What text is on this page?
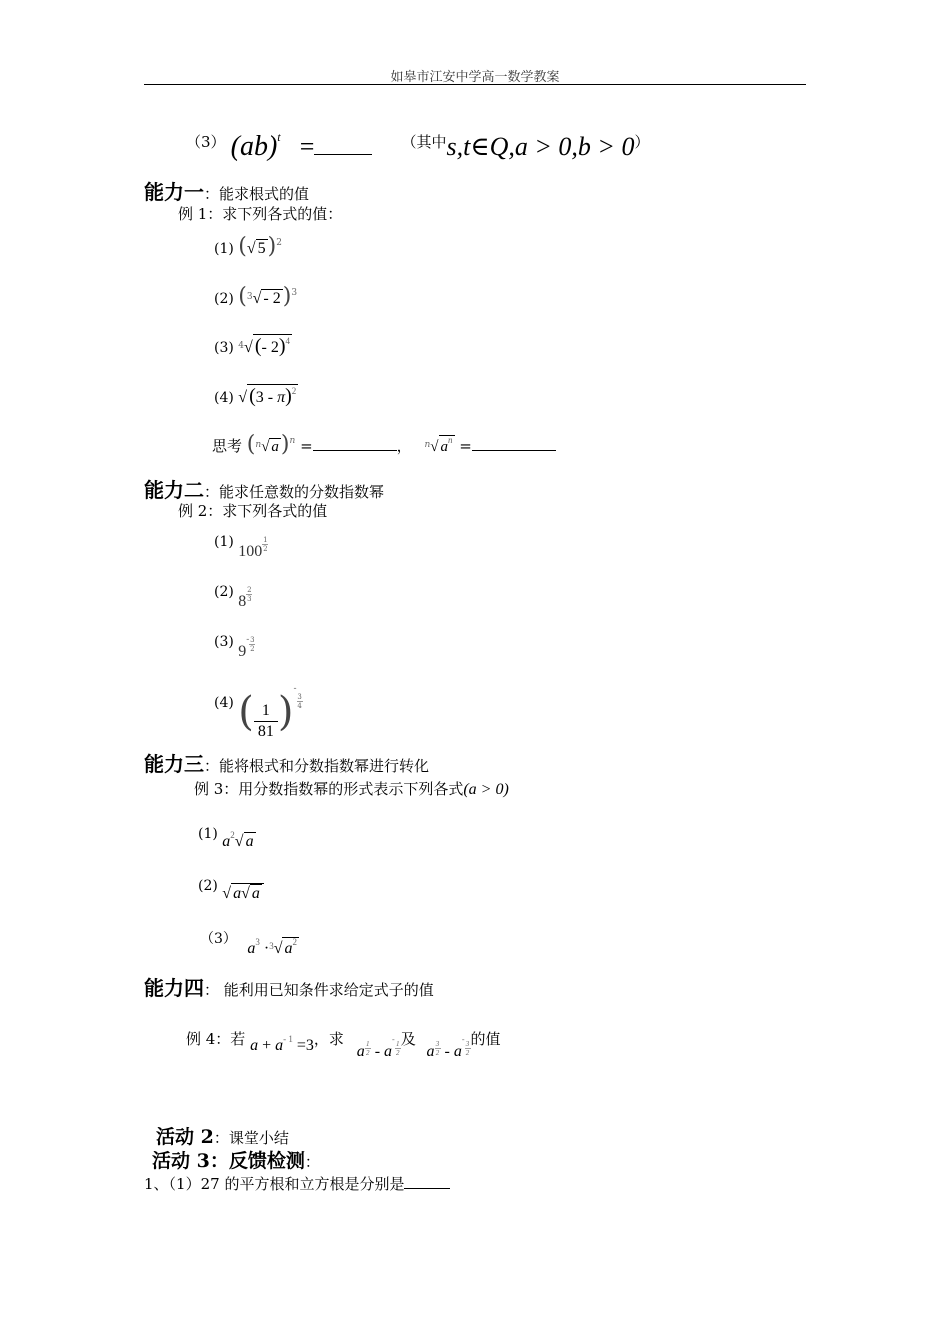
如皋市江安中学高一数学教案
（3） (ab)$^t$ =	（其中s,t∈Q,a > 0,b > 0）
能力一：能求根式的值
例 1：求下列各式的值：
(1) (√ 5)$^2$
(2) ($^3$√ - 2)$^3$
(3) $^4$√ (- 2)$^4$
(4) √ (3 - π)$^2$
思考 ($^n$√ a)$^n$ =	， $^n$√ $a^n$ =
能力二：能求任意数的分数指数幂
例 2：求下列各式的值
(1) $100 \frac{1}{2}$
(2) $8 \frac{2}{3}$
(3) $9^- \frac{3}{2}$
(4) ( $\frac{1}{81} )^-$
$\frac{3}{4}$
能力三：能将根式和分数指数幂进行转化
例 3：用分数指数幂的形式表示下列各式(a > 0)
(1) $a^2√$ a
(2) √ a√ a
（3） $a^3 \cdot^3√$ $a^2$
能力四： 能利用已知条件求给定式子的值
例 4：若 $a + a^{- 1} =3$，求 a $\frac{1}{2} - a^-$
$\frac{1}{2}$
及 a $\frac{3}{2} - a^-$
$\frac{3}{2}$
的值
活动 2：课堂小结
活动 3：反馈检测：
1、（1）27 的平方根和立方根是分别是
